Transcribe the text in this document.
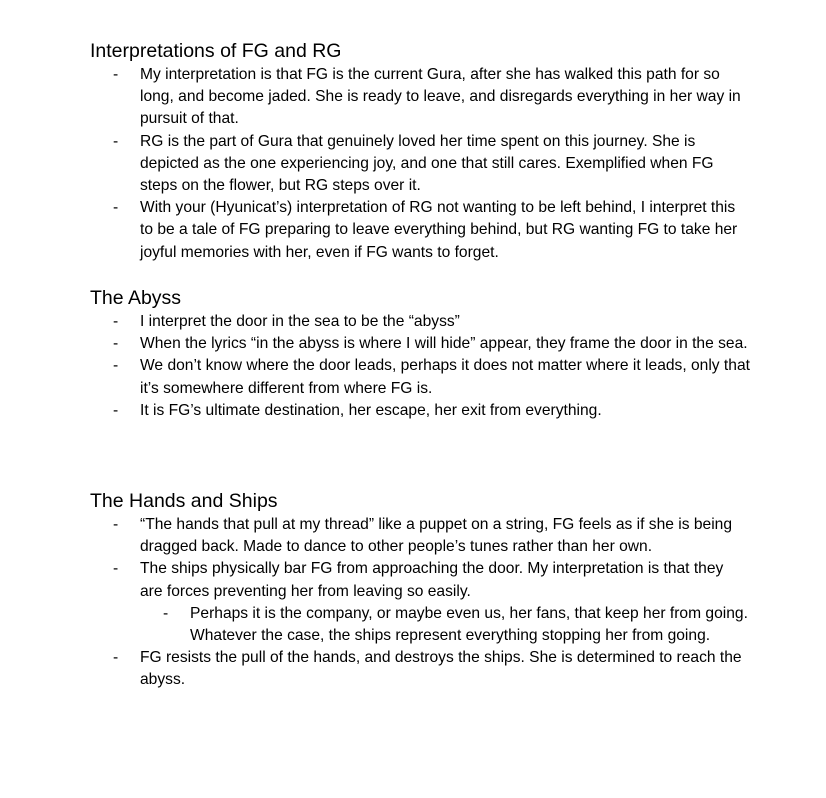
Interpretations of FG and RG
- My interpretation is that FG is the current Gura, after she has walked this path for so long, and become jaded. She is ready to leave, and disregards everything in her way in pursuit of that.
- RG is the part of Gura that genuinely loved her time spent on this journey. She is depicted as the one experiencing joy, and one that still cares. Exemplified when FG steps on the flower, but RG steps over it.
- With your (Hyunicat’s) interpretation of RG not wanting to be left behind, I interpret this to be a tale of FG preparing to leave everything behind, but RG wanting FG to take her joyful memories with her, even if FG wants to forget.
The Abyss
- I interpret the door in the sea to be the “abyss”
- When the lyrics “in the abyss is where I will hide” appear, they frame the door in the sea.
- We don’t know where the door leads, perhaps it does not matter where it leads, only that it’s somewhere different from where FG is.
- It is FG’s ultimate destination, her escape, her exit from everything.
The Hands and Ships
- “The hands that pull at my thread” like a puppet on a string, FG feels as if she is being dragged back. Made to dance to other people’s tunes rather than her own.
- The ships physically bar FG from approaching the door. My interpretation is that they are forces preventing her from leaving so easily.
- Perhaps it is the company, or maybe even us, her fans, that keep her from going. Whatever the case, the ships represent everything stopping her from going.
- FG resists the pull of the hands, and destroys the ships. She is determined to reach the abyss.
